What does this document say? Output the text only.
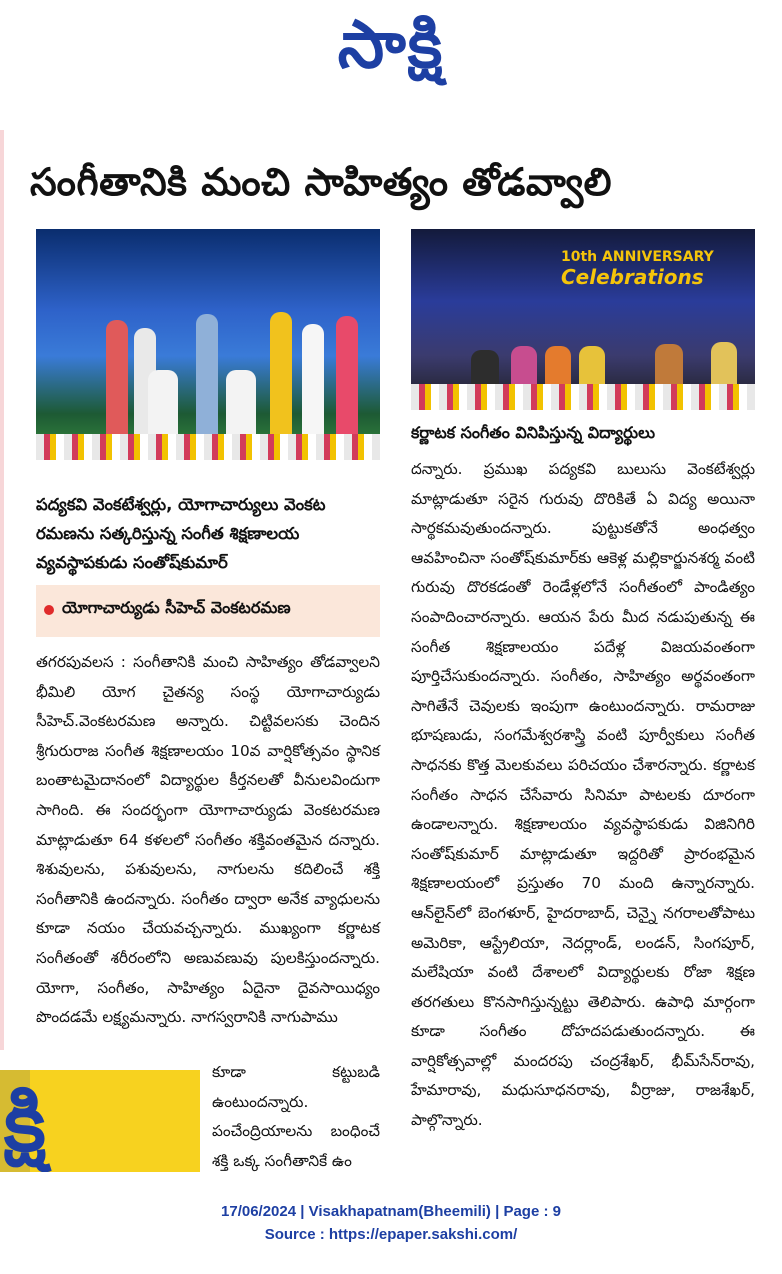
సాక్షి
సంగీతానికి మంచి సాహిత్యం తోడవ్వాలి
10th ANNIVERSARY
Celebrations
పద్యకవి వెంకటేశ్వర్లు, యోగాచార్యులు వెంకట రమణను సత్కరిస్తున్న సంగీత శిక్షణాలయ వ్యవస్థాపకుడు సంతోష్‌కుమార్
కర్ణాటక సంగీతం వినిపిస్తున్న విద్యార్థులు
యోగాచార్యుడు సీహెచ్‌ వెంకటరమణ

తగరపువలస : సంగీతానికి మంచి సాహిత్యం తోడవ్వాలని భీమిలి యోగ చైతన్య సంస్థ యోగాచార్యుడు సీహెచ్‌.వెంకటరమణ అన్నారు. చిట్టివలసకు చెందిన శ్రీగురురాజ సంగీత శిక్షణాలయం 10వ వార్షికోత్సవం స్థానిక బంతాటమైదానంలో విద్యార్థుల కీర్తనలతో వీనులవిందుగా సాగింది. ఈ సందర్భంగా యోగాచార్యుడు వెంకటరమణ మాట్లాడుతూ 64 కళలలో సంగీతం శక్తివంతమైన దన్నారు. శిశువులను, పశువులను, నాగులను కదిలించే శక్తి సంగీతానికి ఉందన్నారు. సంగీతం ద్వారా అనేక వ్యాధులను కూడా నయం చేయవచ్చన్నారు. ముఖ్యంగా కర్ణాటక సంగీతంతో శరీరంలోని అణువణువు పులకిస్తుందన్నారు. యోగా, సంగీతం, సాహిత్యం ఏదైనా దైవసాయిధ్యం పొందడమే లక్ష్యమన్నారు. నాగస్వరానికి నాగుపాము

కూడా కట్టుబడి ఉంటుందన్నారు. పంచేంద్రియాలను బంధించే శక్తి ఒక్క సంగీతానికే ఉం

దన్నారు. ప్రముఖ పద్యకవి బులుసు వెంకటేశ్వర్లు మాట్లాడుతూ సరైన గురువు దొరికితే ఏ విద్య అయినా సార్థకమవుతుందన్నారు. పుట్టుకతోనే అంధత్వం ఆవహించినా సంతోష్‌కుమార్‌కు ఆకెళ్ల మల్లికార్జునశర్మ వంటి గురువు దొరకడంతో రెండేళ్లలోనే సంగీతంలో పాండిత్యం సంపాదించారన్నారు. ఆయన పేరు మీద నడుపుతున్న ఈ సంగీత శిక్షణాలయం పదేళ్ల విజయవంతంగా పూర్తిచేసుకుందన్నారు. సంగీతం, సాహిత్యం అర్థవంతంగా సాగితేనే చెవులకు ఇంపుగా ఉంటుందన్నారు. రామరాజు భూషణుడు, సంగమేశ్వరశాస్త్రి వంటి పూర్వీకులు సంగీత సాధనకు కొత్త మెలకువలు పరిచయం చేశారన్నారు. కర్ణాటక సంగీతం సాధన చేసేవారు సినిమా పాటలకు దూరంగా ఉండాలన్నారు. శిక్షణాలయం వ్యవస్థాపకుడు విజినిగిరి సంతోష్‌కుమార్‌ మాట్లాడుతూ ఇద్దరితో ప్రారంభమైన శిక్షణాలయంలో ప్రస్తుతం 70 మంది ఉన్నారన్నారు. ఆన్‌లైన్‌లో బెంగళూర్‌, హైదరాబాద్‌, చెన్నై నగరాలతోపాటు అమెరికా, ఆస్ట్రేలియా, నెదర్లాండ్‌, లండన్‌, సింగపూర్‌, మలేషియా వంటి దేశాలలో విద్యార్థులకు రోజా శిక్షణ తరగతులు కొనసాగిస్తున్నట్టు తెలిపారు. ఉపాధి మార్గంగా కూడా సంగీతం దోహదపడుతుందన్నారు. ఈ వార్షికోత్సవాల్లో మందరపు చంద్రశేఖర్‌, భీమ్‌సేన్‌రావు, హేమారావు, మధుసూధనరావు, వీర్రాజు, రాజశేఖర్‌, పాల్గొన్నారు.

క్షి
17/06/2024 | Visakhapatnam(Bheemili) | Page : 9
Source : https://epaper.sakshi.com/
